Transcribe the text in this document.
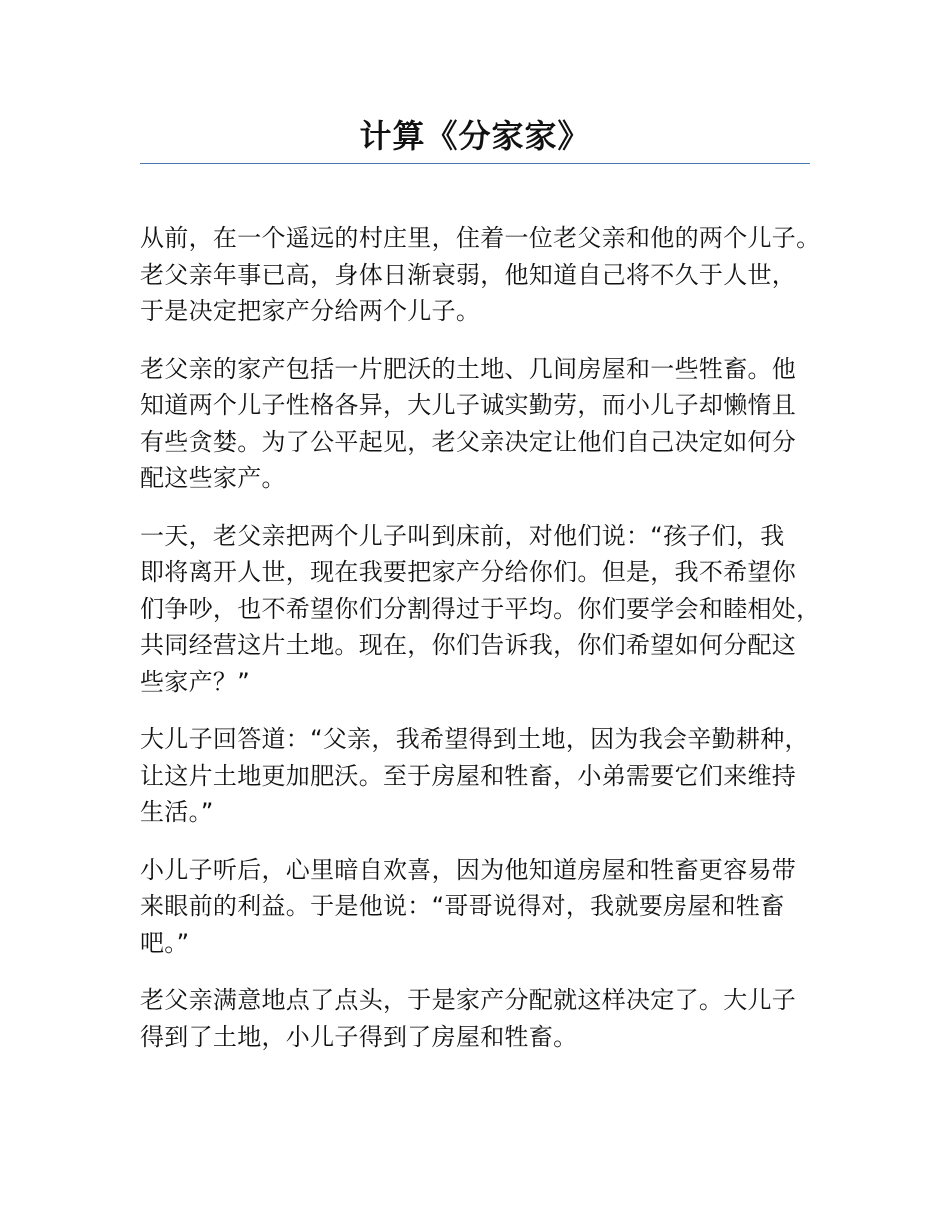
计算《分家家》

从前，在一个遥远的村庄里，住着一位老父亲和他的两个儿子。
老父亲年事已高，身体日渐衰弱，他知道自己将不久于人世，
于是决定把家产分给两个儿子。

老父亲的家产包括一片肥沃的土地、几间房屋和一些牲畜。他
知道两个儿子性格各异，大儿子诚实勤劳，而小儿子却懒惰且
有些贪婪。为了公平起见，老父亲决定让他们自己决定如何分
配这些家产。

一天，老父亲把两个儿子叫到床前，对他们说：“孩子们，我
即将离开人世，现在我要把家产分给你们。但是，我不希望你
们争吵，也不希望你们分割得过于平均。你们要学会和睦相处，
共同经营这片土地。现在，你们告诉我，你们希望如何分配这
些家产？”

大儿子回答道：“父亲，我希望得到土地，因为我会辛勤耕种，
让这片土地更加肥沃。至于房屋和牲畜，小弟需要它们来维持
生活。”

小儿子听后，心里暗自欢喜，因为他知道房屋和牲畜更容易带
来眼前的利益。于是他说：“哥哥说得对，我就要房屋和牲畜
吧。”

老父亲满意地点了点头，于是家产分配就这样决定了。大儿子
得到了土地，小儿子得到了房屋和牲畜。
